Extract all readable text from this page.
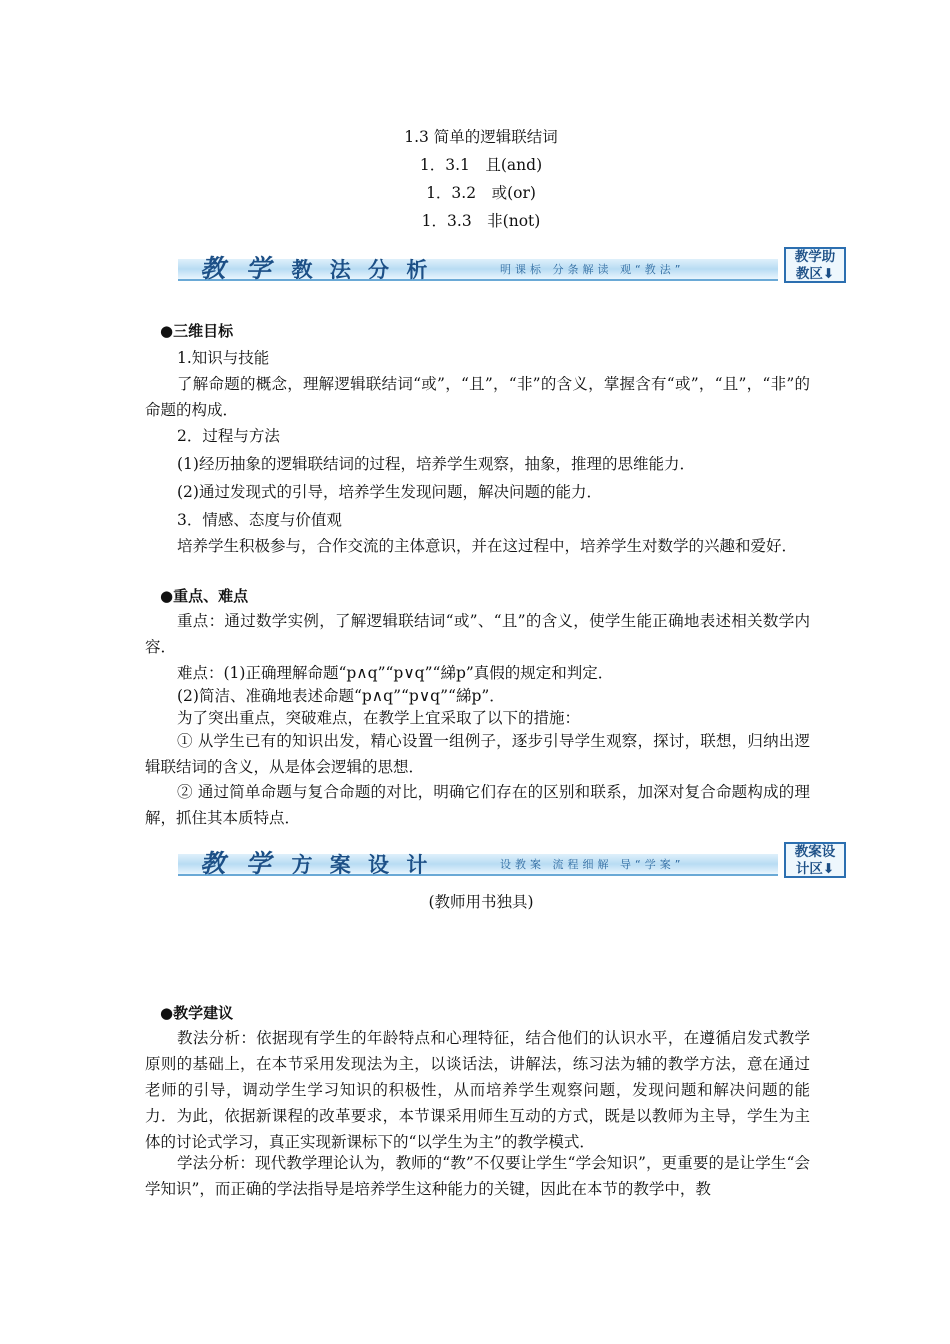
1.3 简单的逻辑联结词
1．3.1　且(and)
1．3.2　或(or)
1．3.3　非(not)
教 学 教 法 分 析	明课标 分条解读 观“教法”
教学助
教区⬇
●三维目标
1.知识与技能
了解命题的概念，理解逻辑联结词“或”，“且”，“非”的含义，掌握含有“或”，“且”，“非”的命题的构成．
2．过程与方法
(1)经历抽象的逻辑联结词的过程，培养学生观察，抽象，推理的思维能力．
(2)通过发现式的引导，培养学生发现问题，解决问题的能力．
3．情感、态度与价值观
培养学生积极参与，合作交流的主体意识，并在这过程中，培养学生对数学的兴趣和爱好．
●重点、难点
重点：通过数学实例，了解逻辑联结词“或”、“且”的含义，使学生能正确地表述相关数学内容．
难点：(1)正确理解命题“p∧q”“p∨q”“綈p”真假的规定和判定．
(2)简洁、准确地表述命题“p∧q”“p∨q”“綈p”．
为了突出重点，突破难点，在教学上宜采取了以下的措施：
① 从学生已有的知识出发，精心设置一组例子，逐步引导学生观察，探讨，联想，归纳出逻辑联结词的含义，从是体会逻辑的思想．
② 通过简单命题与复合命题的对比，明确它们存在的区别和联系，加深对复合命题构成的理解，抓住其本质特点．
教 学 方 案 设 计	设教案 流程细解 导“学案”
教案设
计区⬇
(教师用书独具)
●教学建议
教法分析：依据现有学生的年龄特点和心理特征，结合他们的认识水平，在遵循启发式教学原则的基础上，在本节采用发现法为主，以谈话法，讲解法，练习法为辅的教学方法，意在通过老师的引导，调动学生学习知识的积极性，从而培养学生观察问题，发现问题和解决问题的能力．为此，依据新课程的改革要求，本节课采用师生互动的方式，既是以教师为主导，学生为主体的讨论式学习，真正实现新课标下的“以学生为主”的教学模式．
学法分析：现代教学理论认为，教师的“教”不仅要让学生“学会知识”，更重要的是让学生“会学知识”，而正确的学法指导是培养学生这种能力的关键，因此在本节的教学中，教
